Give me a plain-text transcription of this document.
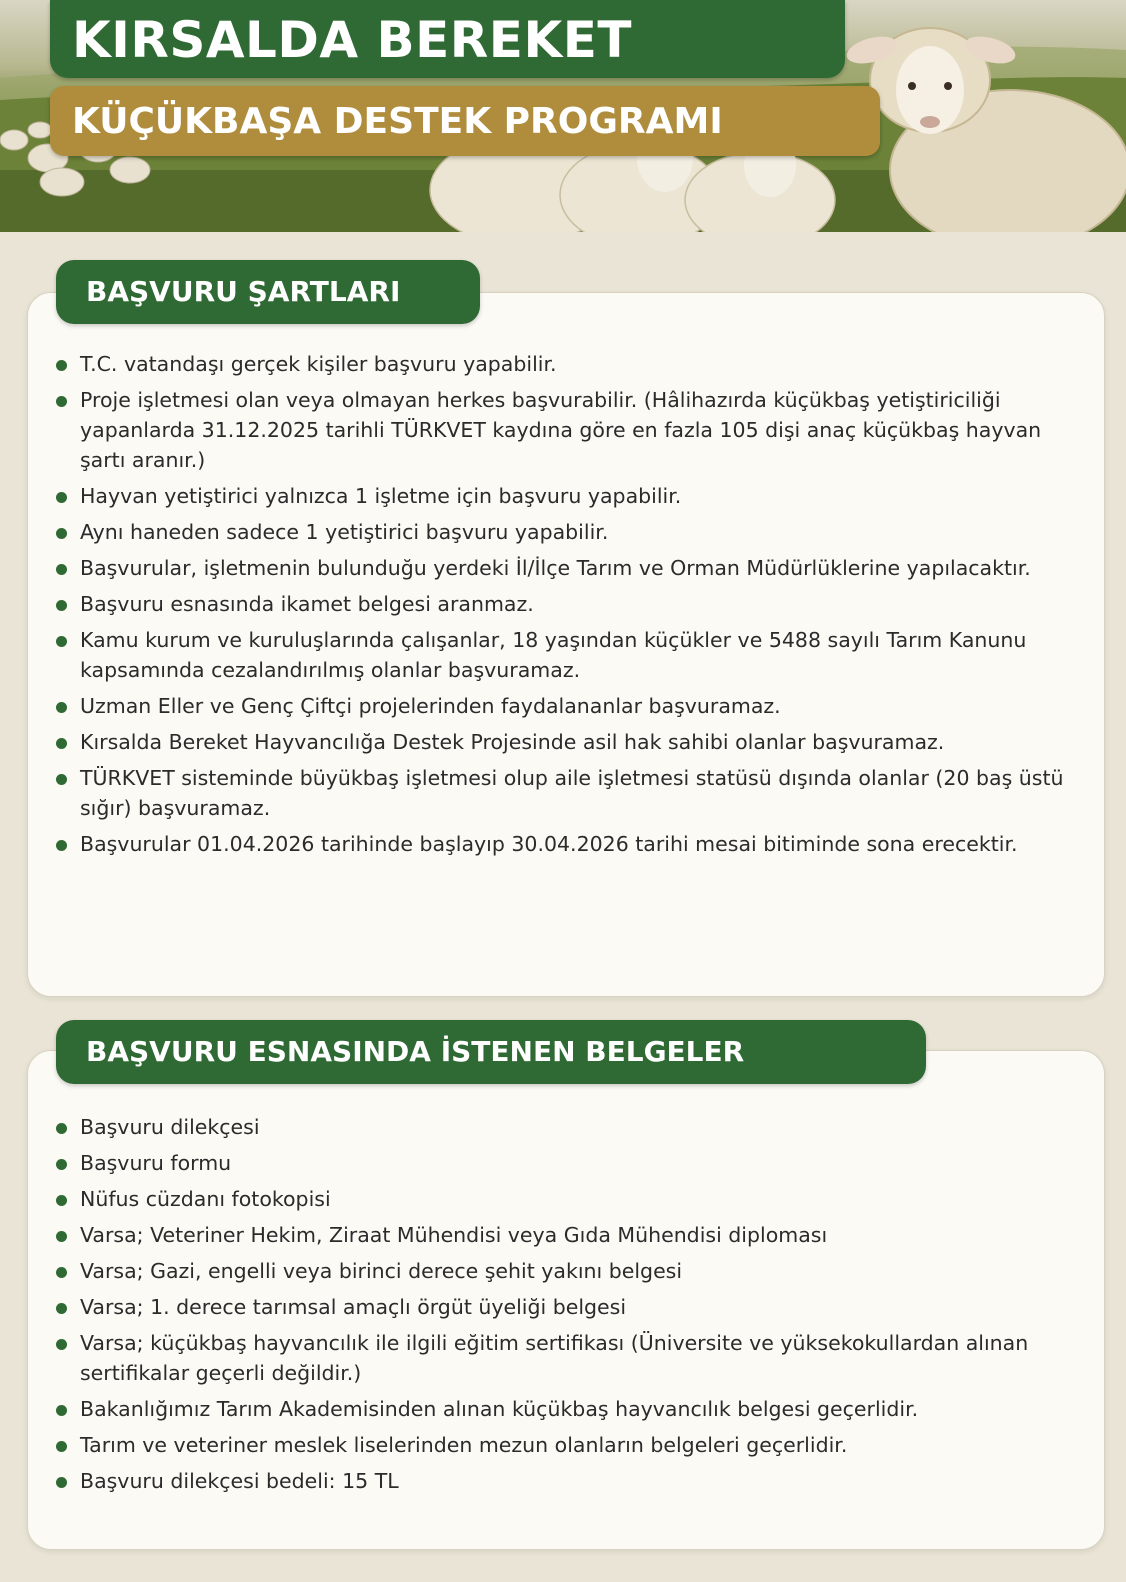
KIRSALDA BEREKET
KÜÇÜKBAŞA DESTEK PROGRAMI
BAŞVURU ŞARTLARI
T.C. vatandaşı gerçek kişiler başvuru yapabilir.
Proje işletmesi olan veya olmayan herkes başvurabilir. (Hâlihazırda küçükbaş yetiştiriciliği yapanlarda 31.12.2025 tarihli TÜRKVET kaydına göre en fazla 105 dişi anaç küçükbaş hayvan şartı aranır.)
Hayvan yetiştirici yalnızca 1 işletme için başvuru yapabilir.
Aynı haneden sadece 1 yetiştirici başvuru yapabilir.
Başvurular, işletmenin bulunduğu yerdeki İl/İlçe Tarım ve Orman Müdürlüklerine yapılacaktır.
Başvuru esnasında ikamet belgesi aranmaz.
Kamu kurum ve kuruluşlarında çalışanlar, 18 yaşından küçükler ve 5488 sayılı Tarım Kanunu kapsamında cezalandırılmış olanlar başvuramaz.
Uzman Eller ve Genç Çiftçi projelerinden faydalananlar başvuramaz.
Kırsalda Bereket Hayvancılığa Destek Projesinde asil hak sahibi olanlar başvuramaz.
TÜRKVET sisteminde büyükbaş işletmesi olup aile işletmesi statüsü dışında olanlar (20 baş üstü sığır) başvuramaz.
Başvurular 01.04.2026 tarihinde başlayıp 30.04.2026 tarihi mesai bitiminde sona erecektir.
BAŞVURU ESNASINDA İSTENEN BELGELER
Başvuru dilekçesi
Başvuru formu
Nüfus cüzdanı fotokopisi
Varsa; Veteriner Hekim, Ziraat Mühendisi veya Gıda Mühendisi diploması
Varsa; Gazi, engelli veya birinci derece şehit yakını belgesi
Varsa; 1. derece tarımsal amaçlı örgüt üyeliği belgesi
Varsa; küçükbaş hayvancılık ile ilgili eğitim sertifikası (Üniversite ve yüksekokullardan alınan sertifikalar geçerli değildir.)
Bakanlığımız Tarım Akademisinden alınan küçükbaş hayvancılık belgesi geçerlidir.
Tarım ve veteriner meslek liselerinden mezun olanların belgeleri geçerlidir.
Başvuru dilekçesi bedeli: 15 TL
